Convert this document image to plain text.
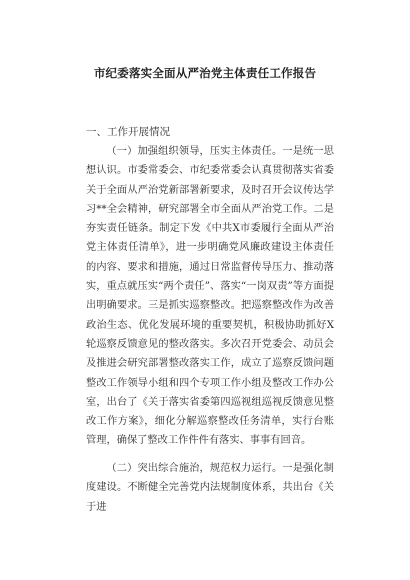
市纪委落实全面从严治党主体责任工作报告
一、工作开展情况
（一）加强组织领导，压实主体责任。一是统一思想认识。市委常委会、市纪委常委会认真贯彻落实省委关于全面从严治党新部署新要求，及时召开会议传达学习**全会精神，研究部署全市全面从严治党工作。二是夯实责任链条。制定下发《中共X市委履行全面从严治党主体责任清单》，进一步明确党风廉政建设主体责任的内容、要求和措施，通过日常监督传导压力、推动落实，重点就压实“两个责任”、落实“一岗双责”等方面提出明确要求。三是抓实巡察整改。把巡察整改作为改善政治生态、优化发展环境的重要契机，积极协助抓好X轮巡察反馈意见的整改落实。多次召开党委会、动员会及推进会研究部署整改落实工作，成立了巡察反馈问题整改工作领导小组和四个专项工作小组及整改工作办公室，出台了《关于落实省委第四巡视组巡视反馈意见整改工作方案》，细化分解巡察整改任务清单，实行台账管理，确保了整改工作件件有落实、事事有回音。
（二）突出综合施治，规范权力运行。一是强化制度建设。不断健全完善党内法规制度体系，共出台《关于进
